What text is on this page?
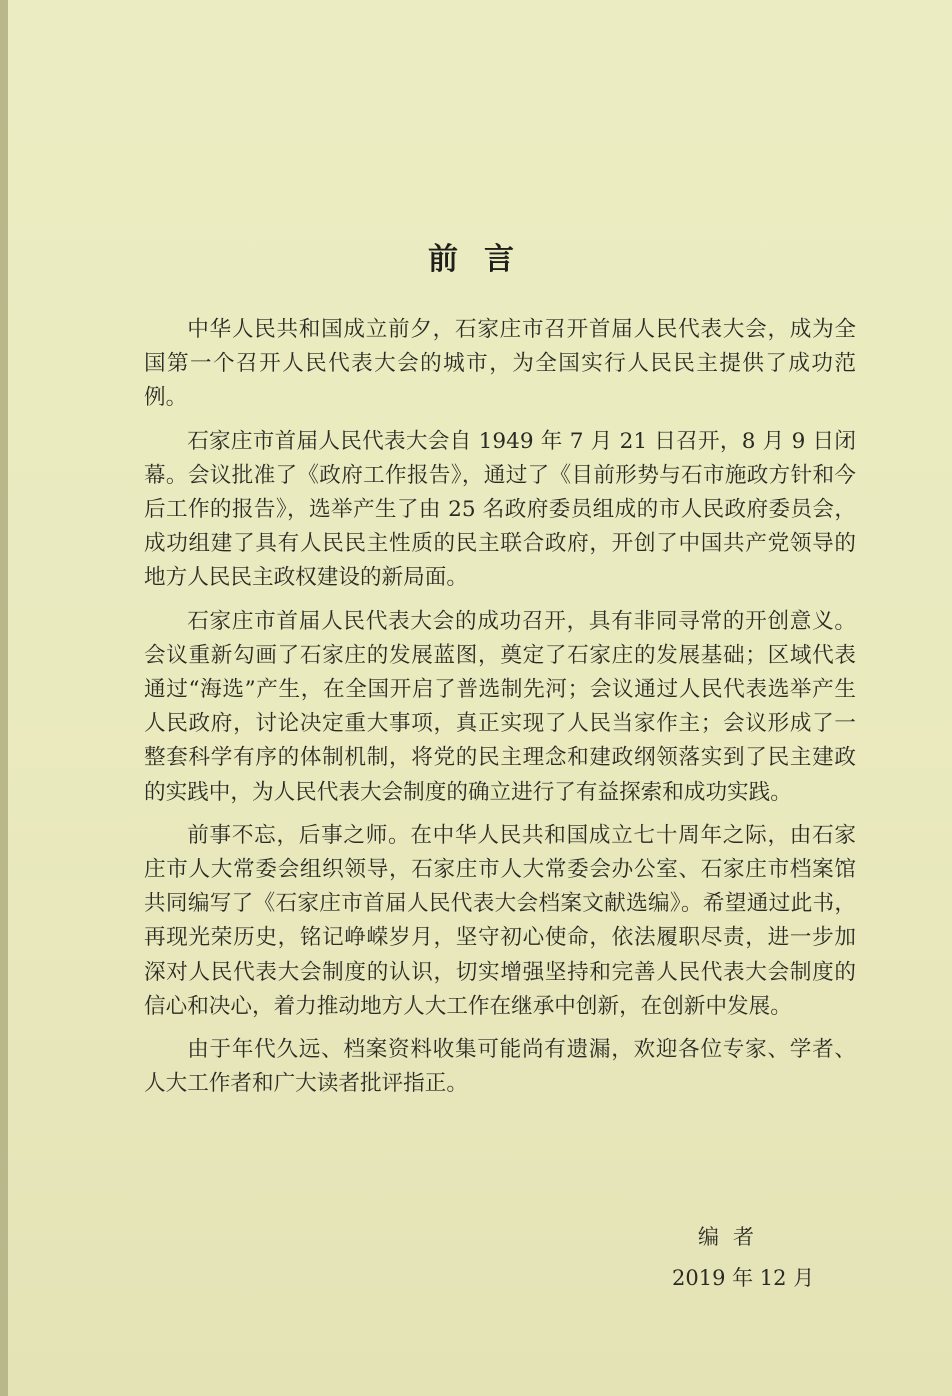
前言

中华人民共和国成立前夕，石家庄市召开首届人民代表大会，成为全国第一个召开人民代表大会的城市，为全国实行人民民主提供了成功范例。

石家庄市首届人民代表大会自 1949 年 7 月 21 日召开，8 月 9 日闭幕。会议批准了《政府工作报告》，通过了《目前形势与石市施政方针和今后工作的报告》，选举产生了由 25 名政府委员组成的市人民政府委员会，成功组建了具有人民民主性质的民主联合政府，开创了中国共产党领导的地方人民民主政权建设的新局面。

石家庄市首届人民代表大会的成功召开，具有非同寻常的开创意义。会议重新勾画了石家庄的发展蓝图，奠定了石家庄的发展基础；区域代表通过“海选”产生，在全国开启了普选制先河；会议通过人民代表选举产生人民政府，讨论决定重大事项，真正实现了人民当家作主；会议形成了一整套科学有序的体制机制，将党的民主理念和建政纲领落实到了民主建政的实践中，为人民代表大会制度的确立进行了有益探索和成功实践。

前事不忘，后事之师。在中华人民共和国成立七十周年之际，由石家庄市人大常委会组织领导，石家庄市人大常委会办公室、石家庄市档案馆共同编写了《石家庄市首届人民代表大会档案文献选编》。希望通过此书，再现光荣历史，铭记峥嵘岁月，坚守初心使命，依法履职尽责，进一步加深对人民代表大会制度的认识，切实增强坚持和完善人民代表大会制度的信心和决心，着力推动地方人大工作在继承中创新，在创新中发展。

由于年代久远、档案资料收集可能尚有遗漏，欢迎各位专家、学者、人大工作者和广大读者批评指正。

编者
2019 年 12 月
